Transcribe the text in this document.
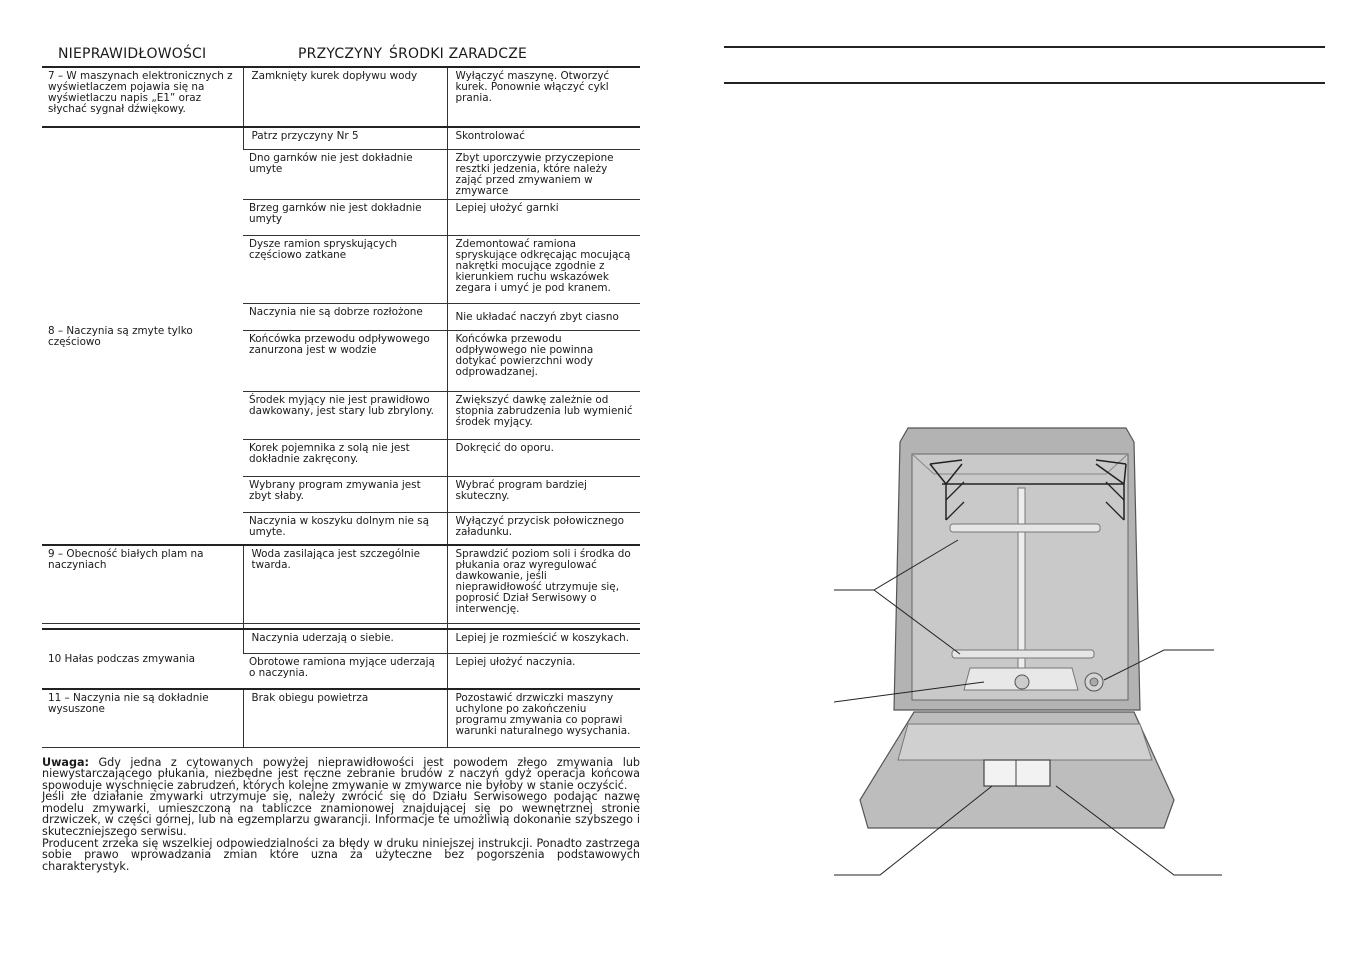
NIEPRAWIDŁOWOŚCI	PRZYCZYNY ŚRODKI ZARADCZE
7 – W maszynach elektronicznych z wyświetlaczem pojawia się na wyświetlaczu napis „E1” oraz słychać sygnał dźwiękowy.	Zamknięty kurek dopływu wody	Wyłączyć maszynę. Otworzyć kurek. Ponownie włączyć cykl prania.
8 – Naczynia są zmyte tylko częściowo	Patrz przyczyny Nr 5	Skontrolować
	Dno garnków nie jest dokładnie umyte	Zbyt uporczywie przyczepione resztki jedzenia, które należy zająć przed zmywaniem w zmywarce
	Brzeg garnków nie jest dokładnie umyty	Lepiej ułożyć garnki
	Dysze ramion spryskujących częściowo zatkane	Zdemontować ramiona spryskujące odkręcając mocującą nakrętki mocujące zgodnie z kierunkiem ruchu wskazówek zegara i umyć je pod kranem.
	Naczynia nie są dobrze rozłożone	Nie układać naczyń zbyt ciasno
	Końcówka przewodu odpływowego zanurzona jest w wodzie	Końcówka przewodu odpływowego nie powinna dotykać powierzchni wody odprowadzanej.
	Środek myjący nie jest prawidłowo dawkowany, jest stary lub zbrylony.	Zwiększyć dawkę zależnie od stopnia zabrudzenia lub wymienić środek myjący.
	Korek pojemnika z solą nie jest dokładnie zakręcony.	Dokręcić do oporu.
	Wybrany program zmywania jest zbyt słaby.	Wybrać program bardziej skuteczny.
	Naczynia w koszyku dolnym nie są umyte.	Wyłączyć przycisk połowicznego załadunku.
9 – Obecność białych plam na naczyniach	Woda zasilająca jest szczególnie twarda.	Sprawdzić poziom soli i środka do płukania oraz wyregulować dawkowanie, jeśli nieprawidłowość utrzymuje się, poprosić Dział Serwisowy o interwencję.

10 Hałas podczas zmywania	Naczynia uderzają o siebie.	Lepiej je rozmieścić w koszykach.
	Obrotowe ramiona myjące uderzają o naczynia.	Lepiej ułożyć naczynia.
11 – Naczynia nie są dokładnie wysuszone	Brak obiegu powietrza	Pozostawić drzwiczki maszyny uchylone po zakończeniu programu zmywania co poprawi warunki naturalnego wysychania.
Uwaga: Gdy jedna z cytowanych powyżej nieprawidłowości jest powodem złego zmywania lub niewystarczającego płukania, niezbędne jest ręczne zebranie brudów z naczyń gdyż operacja końcowa spowoduje wyschnięcie zabrudzeń, których kolejne zmywanie w zmywarce nie byłoby w stanie oczyścić.
Jeśli złe działanie zmywarki utrzymuje się, należy zwrócić się do Działu Serwisowego podając nazwę modelu zmywarki, umieszczoną na tabliczce znamionowej znajdującej się po wewnętrznej stronie drzwiczek, w części górnej, lub na egzemplarzu gwarancji. Informacje te umożliwią dokonanie szybszego i skuteczniejszego serwisu.
Producent zrzeka się wszelkiej odpowiedzialności za błędy w druku niniejszej instrukcji. Ponadto zastrzega sobie prawo wprowadzania zmian które uzna za użyteczne bez pogorszenia podstawowych charakterystyk.
